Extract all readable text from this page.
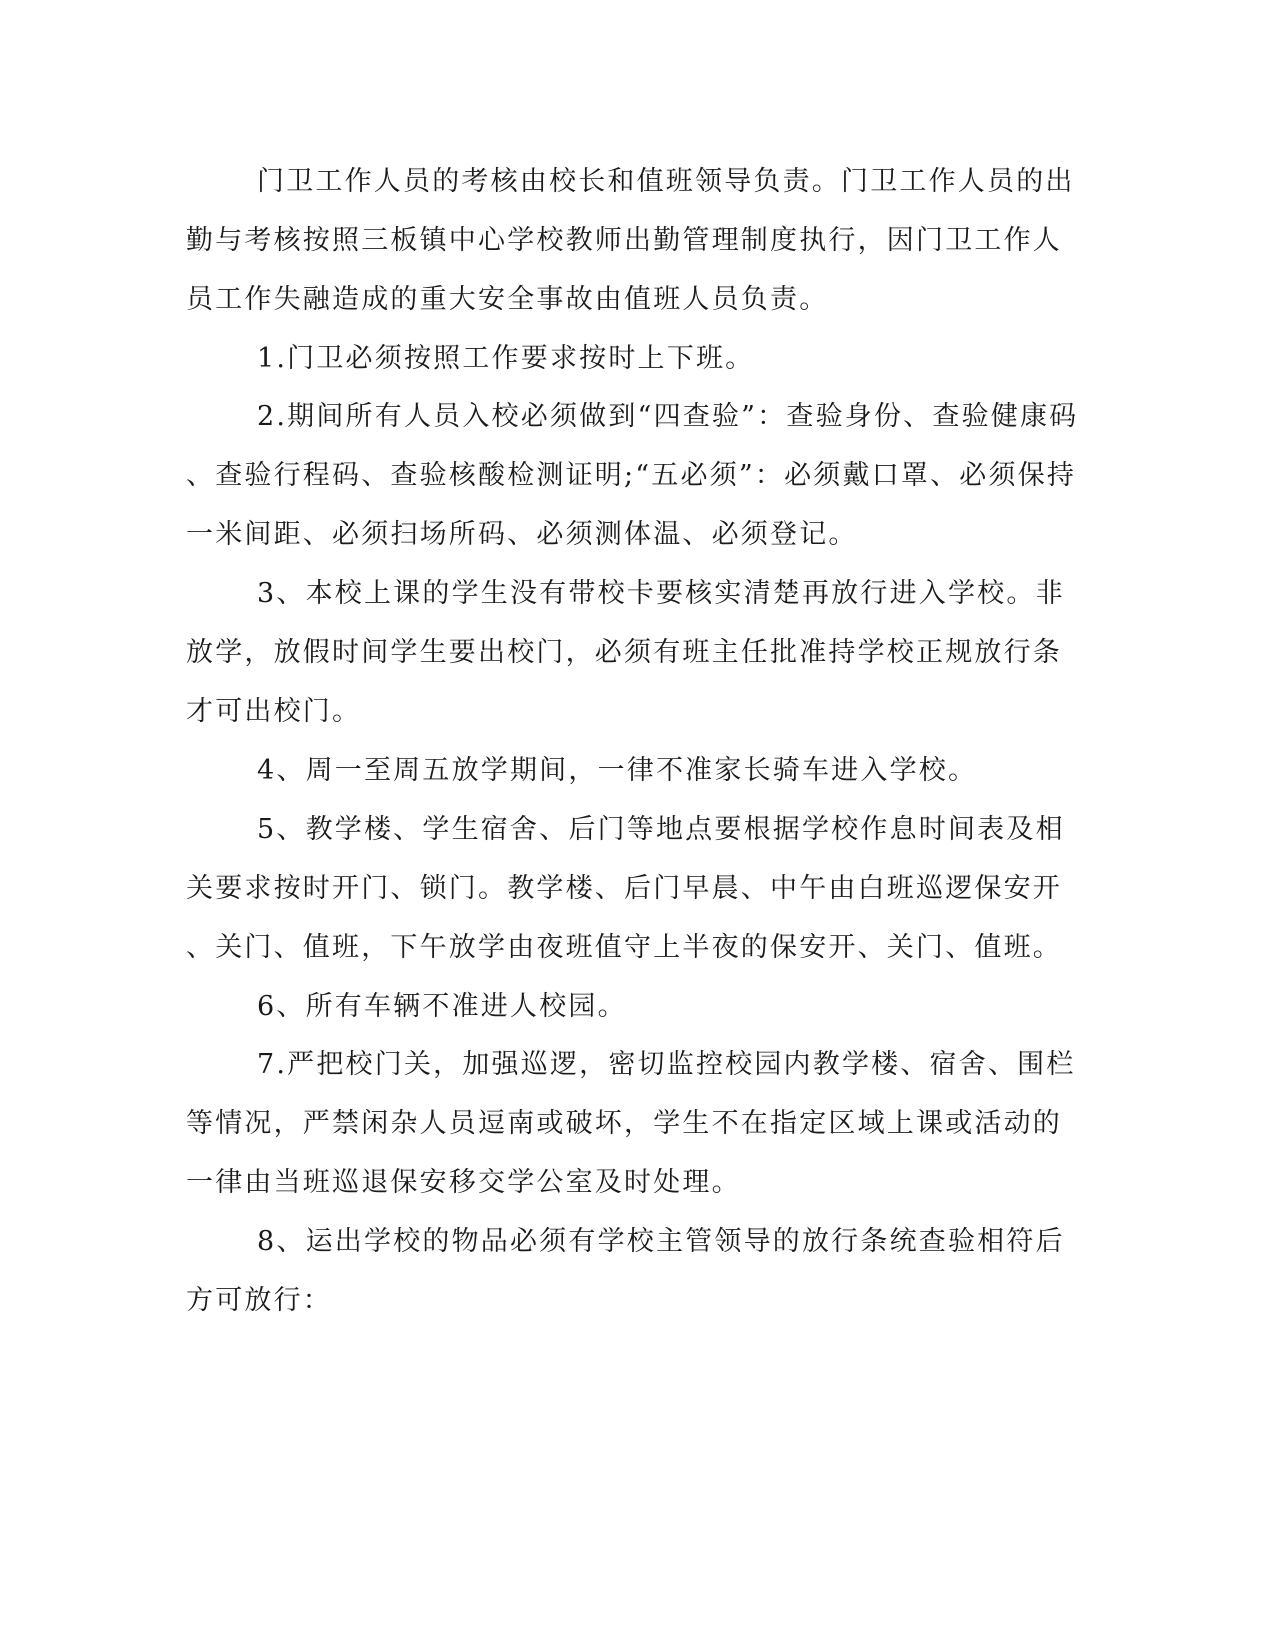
门卫工作人员的考核由校长和值班领导负责。门卫工作人员的出
勤与考核按照三板镇中心学校教师出勤管理制度执行，因门卫工作人
员工作失融造成的重大安全事故由值班人员负责。
1.门卫必须按照工作要求按时上下班。
2.期间所有人员入校必须做到“四查验”：查验身份、查验健康码
、查验行程码、查验核酸检测证明;“五必须”：必须戴口罩、必须保持
一米间距、必须扫场所码、必须测体温、必须登记。
3、本校上课的学生没有带校卡要核实清楚再放行进入学校。非
放学，放假时间学生要出校门，必须有班主任批准持学校正规放行条
才可出校门。
4、周一至周五放学期间，一律不准家长骑车进入学校。
5、教学楼、学生宿舍、后门等地点要根据学校作息时间表及相
关要求按时开门、锁门。教学楼、后门早晨、中午由白班巡逻保安开
、关门、值班，下午放学由夜班值守上半夜的保安开、关门、值班。
6、所有车辆不准进人校园。
7.严把校门关，加强巡逻，密切监控校园内教学楼、宿舍、围栏
等情况，严禁闲杂人员逗南或破坏，学生不在指定区域上课或活动的
一律由当班巡退保安移交学公室及时处理。
8、运出学校的物品必须有学校主管领导的放行条统查验相符后
方可放行：
